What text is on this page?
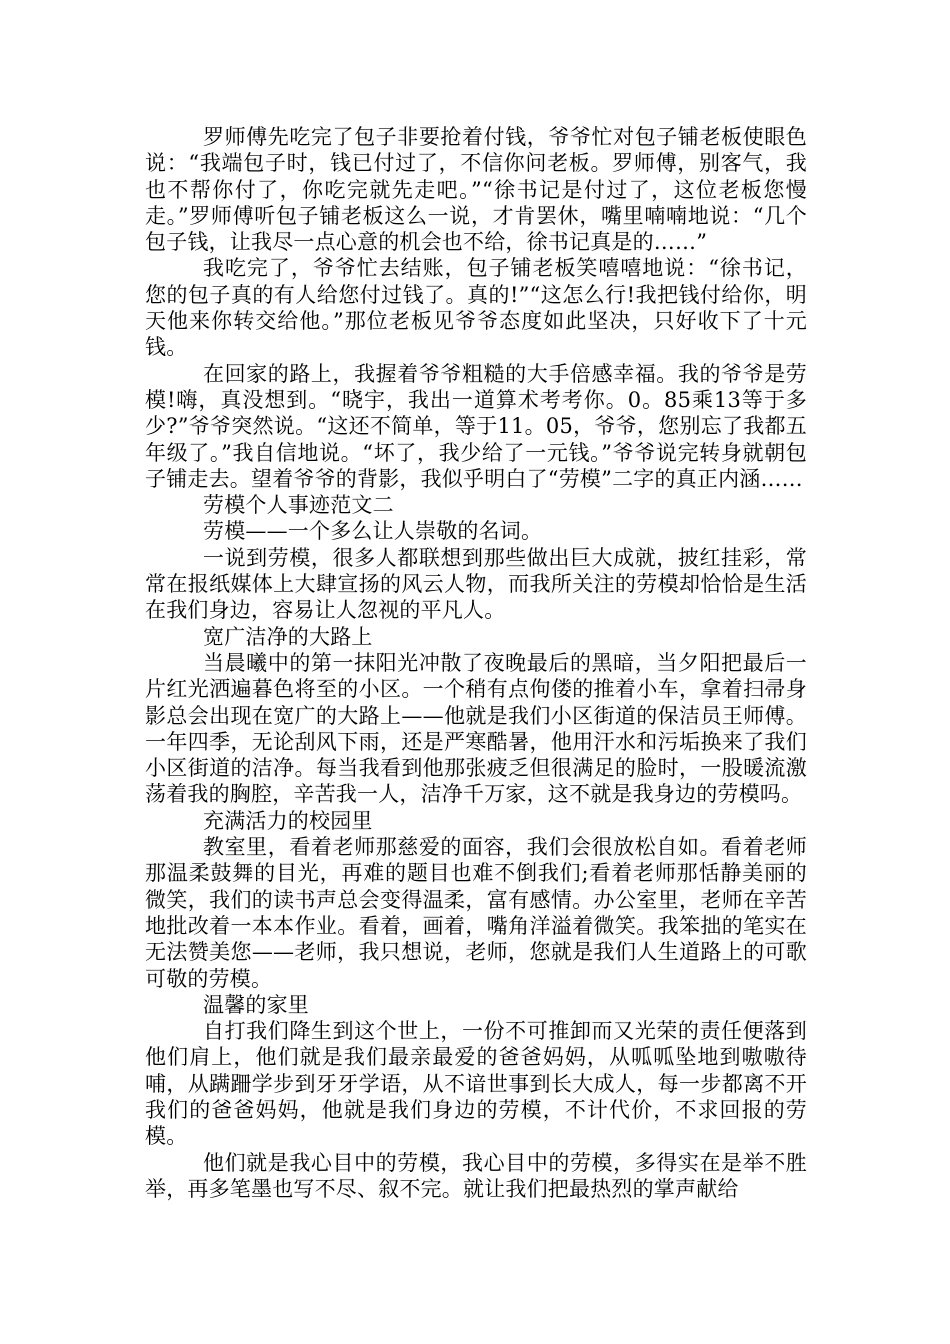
罗师傅先吃完了包子非要抢着付钱，爷爷忙对包子铺老板使眼色说：“我端包子时，钱已付过了，不信你问老板。罗师傅，别客气，我也不帮你付了，你吃完就先走吧。”“徐书记是付过了，这位老板您慢走。”罗师傅听包子铺老板这么一说，才肯罢休，嘴里喃喃地说：“几个包子钱，让我尽一点心意的机会也不给，徐书记真是的……”

我吃完了，爷爷忙去结账，包子铺老板笑嘻嘻地说：“徐书记，您的包子真的有人给您付过钱了。真的!”“这怎么行!我把钱付给你，明天他来你转交给他。”那位老板见爷爷态度如此坚决，只好收下了十元钱。

在回家的路上，我握着爷爷粗糙的大手倍感幸福。我的爷爷是劳模!嗨，真没想到。“晓宇，我出一道算术考考你。0。85乘13等于多少?”爷爷突然说。“这还不简单，等于11。05，爷爷，您别忘了我都五年级了。”我自信地说。“坏了，我少给了一元钱。”爷爷说完转身就朝包子铺走去。望着爷爷的背影，我似乎明白了“劳模”二字的真正内涵……

劳模个人事迹范文二

劳模——一个多么让人崇敬的名词。

一说到劳模，很多人都联想到那些做出巨大成就，披红挂彩，常常在报纸媒体上大肆宣扬的风云人物，而我所关注的劳模却恰恰是生活在我们身边，容易让人忽视的平凡人。

宽广洁净的大路上

当晨曦中的第一抹阳光冲散了夜晚最后的黑暗，当夕阳把最后一片红光洒遍暮色将至的小区。一个稍有点佝偻的推着小车，拿着扫帚身影总会出现在宽广的大路上——他就是我们小区街道的保洁员王师傅。一年四季，无论刮风下雨，还是严寒酷暑，他用汗水和污垢换来了我们小区街道的洁净。每当我看到他那张疲乏但很满足的脸时，一股暖流激荡着我的胸腔，辛苦我一人，洁净千万家，这不就是我身边的劳模吗。

充满活力的校园里

教室里，看着老师那慈爱的面容，我们会很放松自如。看着老师那温柔鼓舞的目光，再难的题目也难不倒我们;看着老师那恬静美丽的微笑，我们的读书声总会变得温柔，富有感情。办公室里，老师在辛苦地批改着一本本作业。看着，画着，嘴角洋溢着微笑。我笨拙的笔实在无法赞美您——老师，我只想说，老师，您就是我们人生道路上的可歌可敬的劳模。

温馨的家里

自打我们降生到这个世上，一份不可推卸而又光荣的责任便落到他们肩上，他们就是我们最亲最爱的爸爸妈妈，从呱呱坠地到嗷嗷待哺，从蹒跚学步到牙牙学语，从不谙世事到长大成人，每一步都离不开我们的爸爸妈妈，他就是我们身边的劳模，不计代价，不求回报的劳模。

他们就是我心目中的劳模，我心目中的劳模，多得实在是举不胜举，再多笔墨也写不尽、叙不完。就让我们把最热烈的掌声献给
